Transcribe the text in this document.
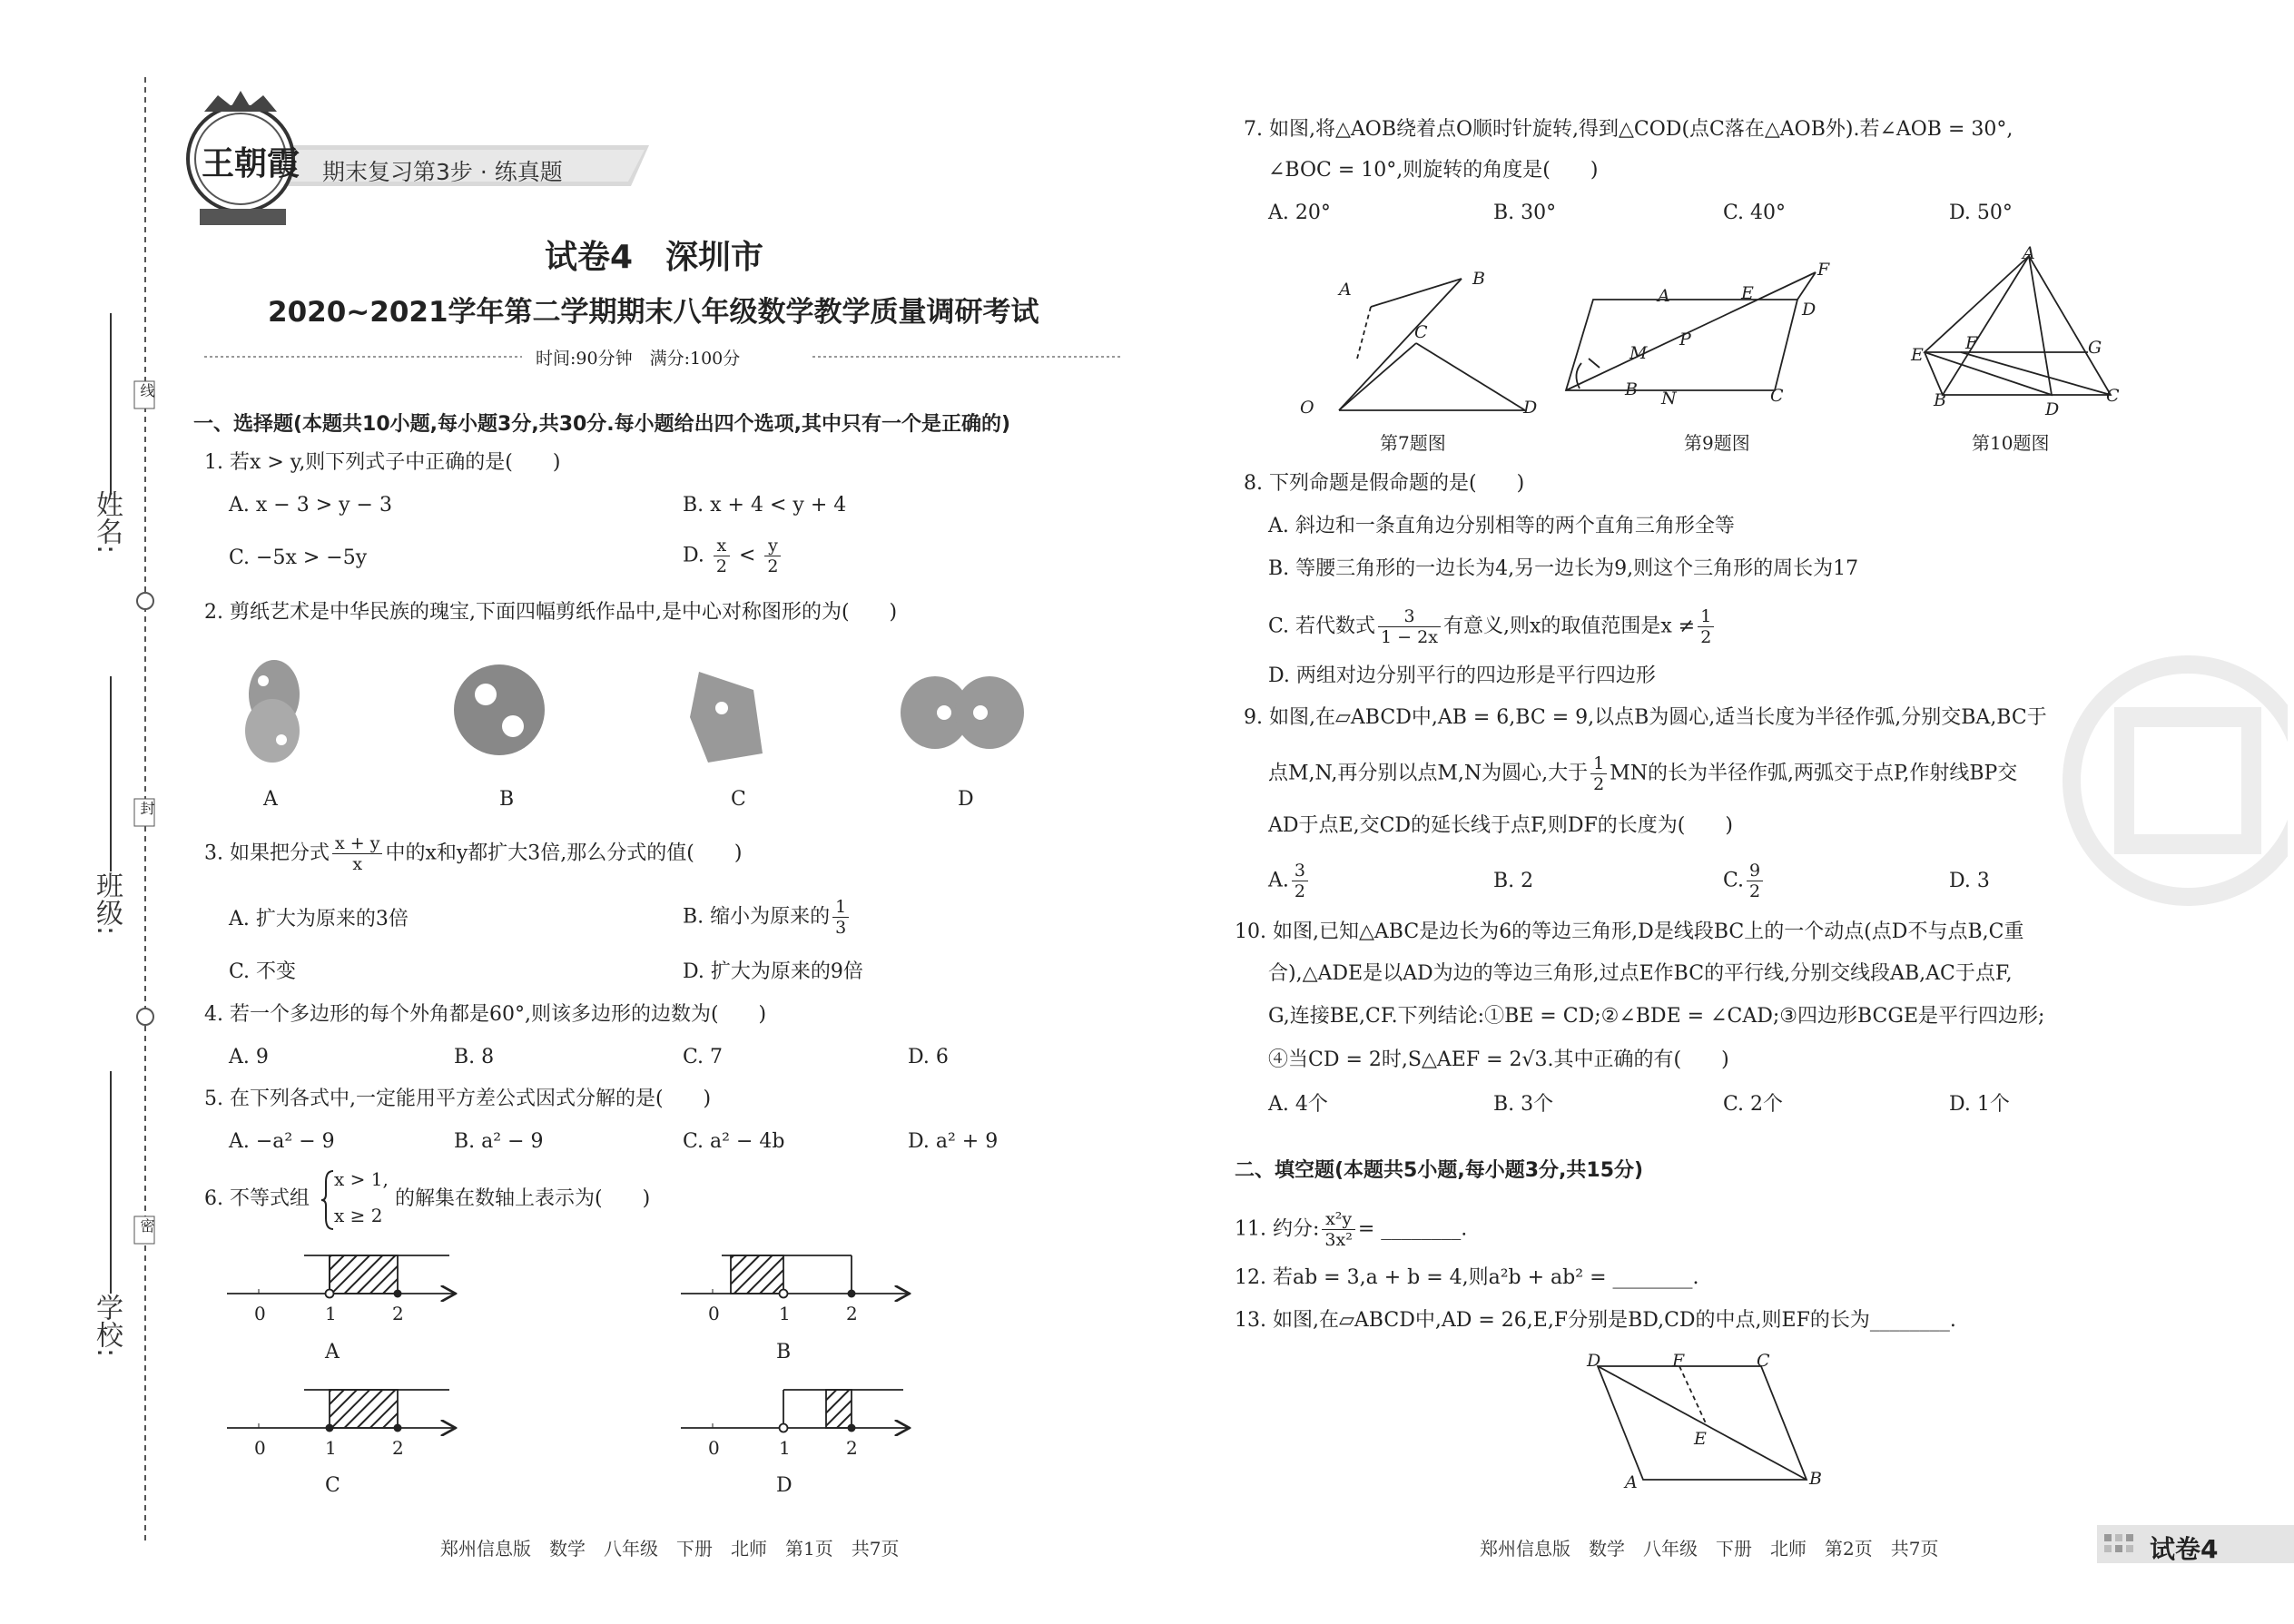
线
封
密
姓名:
班级:
学校:
王朝霞 期末复习第3步 · 练真题
试卷4　深圳市
2020~2021学年第二学期期末八年级数学教学质量调研考试
时间:90分钟　满分:100分
一、选择题(本题共10小题,每小题3分,共30分.每小题给出四个选项,其中只有一个是正确的)
1. 若x > y,则下列式子中正确的是(　　)
A. x − 3 > y − 3	B. x + 4 < y + 4
C. −5x > −5y	D. $\frac{x}{2} < \frac{y}{2}$
2. 剪纸艺术是中华民族的瑰宝,下面四幅剪纸作品中,是中心对称图形的为(　　)
A	B	C	D
3. 如果把分式 $\frac{x + y}{x}$ 中的x和y都扩大3倍,那么分式的值(　　)
A. 扩大为原来的3倍	B. 缩小为原来的 $\frac{1}{3}$
C. 不变	D. 扩大为原来的9倍
4. 若一个多边形的每个外角都是60°,则该多边形的边数为(　　)
A. 9	B. 8	C. 7	D. 6
5. 在下列各式中,一定能用平方差公式因式分解的是(　　)
A. −a² − 9	B. a² − 9	C. a² − 4b	D. a² + 9
6. 不等式组
x > 1,
x ≥ 2
的解集在数轴上表示为(　　)
0	1	2
A
0	1	2
B
0	1	2
C
0	1	2
D
郑州信息版　数学　八年级　下册　北师　第1页　共7页
7. 如图,将△AOB绕着点O顺时针旋转,得到△COD(点C落在△AOB外).若∠AOB = 30°,
∠BOC = 10°,则旋转的角度是(　　)
A. 20°	B. 30°	C. 40°	D. 50°
A
B
C
O	D
第7题图
A	E
F
D
M
P
B N	C
第9题图
A
E
F	G
B	D
C
第10题图
8. 下列命题是假命题的是(　　)
A. 斜边和一条直角边分别相等的两个直角三角形全等
B. 等腰三角形的一边长为4,另一边长为9,则这个三角形的周长为17
C. 若代数式 $\frac{3}{1 - 2x}$ 有意义,则x的取值范围是$x \ne \frac{1}{2}$
D. 两组对边分别平行的四边形是平行四边形
9. 如图,在▱ABCD中,AB = 6,BC = 9,以点B为圆心,适当长度为半径作弧,分别交BA,BC于
点M,N,再分别以点M,N为圆心,大于 $\frac{1}{2}$ MN的长为半径作弧,两弧交于点P,作射线BP交
AD于点E,交CD的延长线于点F,则DF的长度为(　　)
A. $\frac{3}{2}$	B. 2	C. $\frac{9}{2}$	D. 3
10. 如图,已知△ABC是边长为6的等边三角形,D是线段BC上的一个动点(点D不与点B,C重
合),△ADE是以AD为边的等边三角形,过点E作BC的平行线,分别交线段AB,AC于点F,
G,连接BE,CF.下列结论:①BE = CD;②∠BDE = ∠CAD;③四边形BCGE是平行四边形;
④当CD = 2时,S△AEF = 2√3.其中正确的有(　　)
A. 4个	B. 3个	C. 2个	D. 1个
二、填空题(本题共5小题,每小题3分,共15分)
11. 约分: $\frac{\text{x²y}}{\text{3x²}}$ = ________.
12. 若ab = 3,a + b = 4,则a²b + ab² = ________.
13. 如图,在▱ABCD中,AD = 26,E,F分别是BD,CD的中点,则EF的长为________.
D	F	C
E
A	B
郑州信息版　数学　八年级　下册　北师　第2页　共7页	试卷4
